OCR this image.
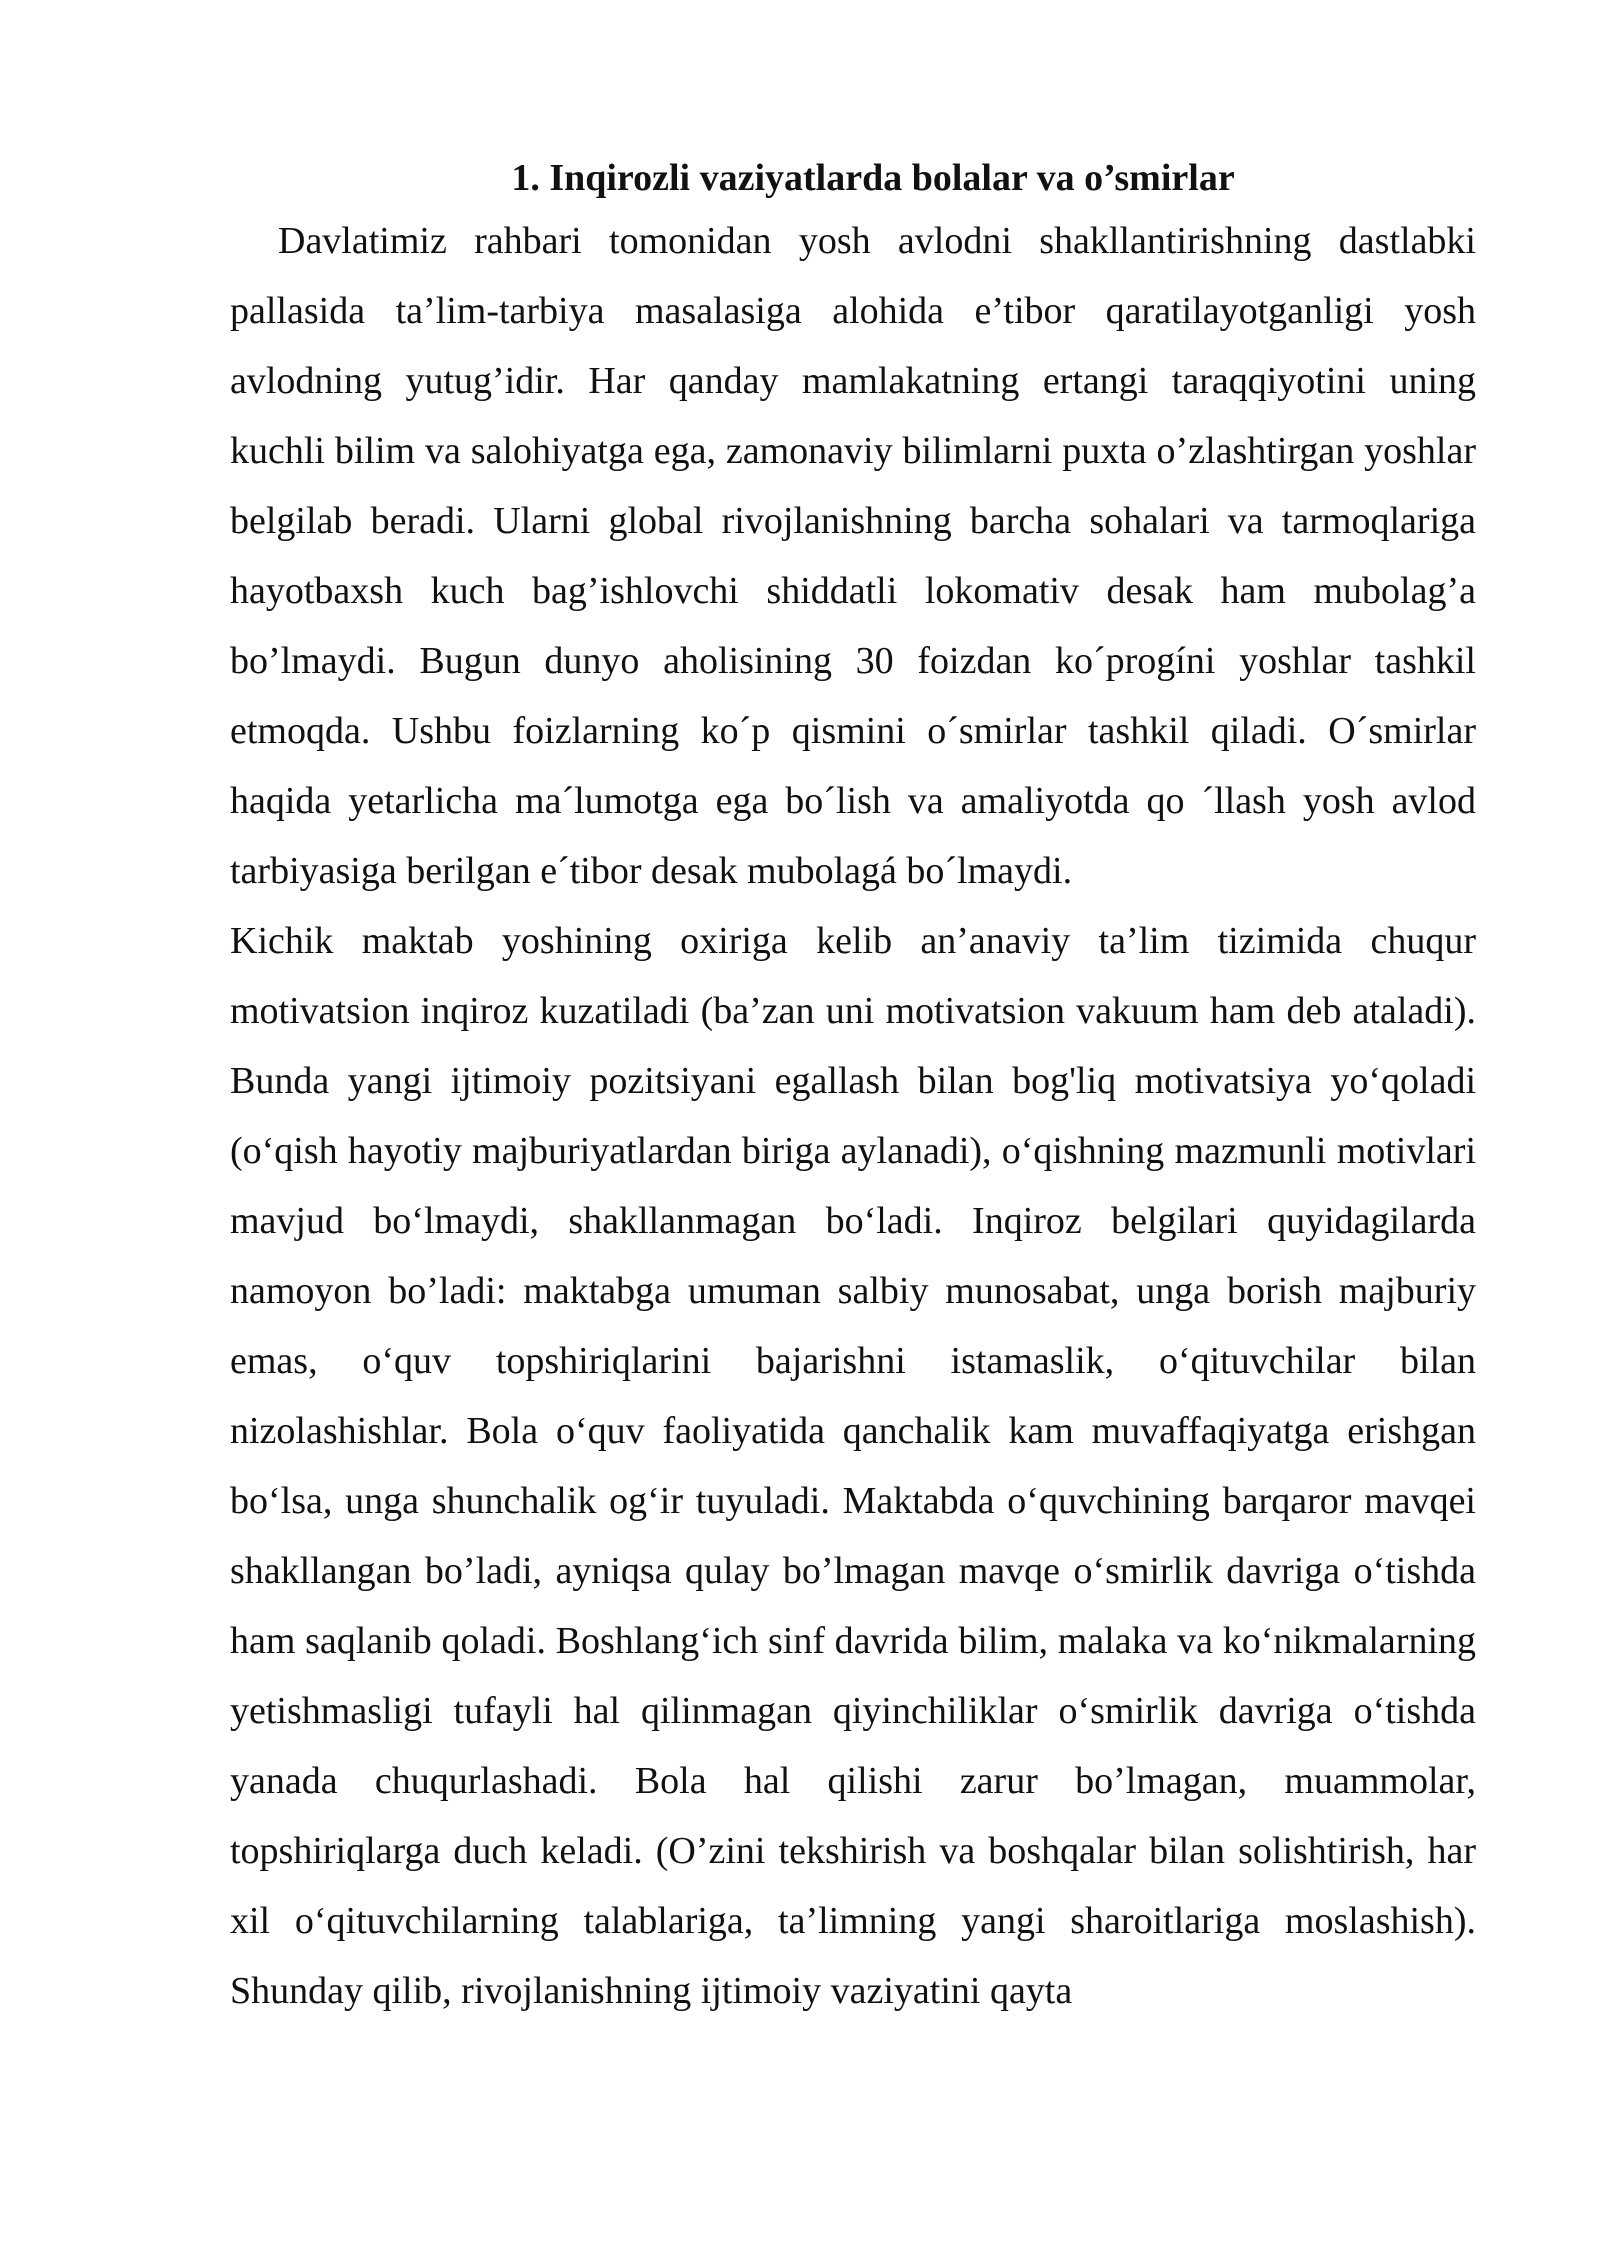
1. Inqirozli vaziyatlarda bolalar va o’smirlar

Davlatimiz rahbari tomonidan yosh avlodni shakllantirishning dastlabki pallasida ta’lim-tarbiya masalasiga alohida e’tibor qaratilayotganligi yosh avlodning yutug’idir. Har qanday mamlakatning ertangi taraqqiyotini uning kuchli bilim va salohiyatga ega, zamonaviy bilimlarni puxta o’zlashtirgan yoshlar belgilab beradi. Ularni global rivojlanishning barcha sohalari va tarmoqlariga hayotbaxsh kuch bag’ishlovchi shiddatli lokomativ desak ham mubolag’a bo’lmaydi. Bugun dunyo aholisining 30 foizdan ko´progíni yoshlar tashkil etmoqda. Ushbu foizlarning ko´p qismini o´smirlar tashkil qiladi. O´smirlar haqida yetarlicha ma´lumotga ega bo´lish va amaliyotda qo ´llash yosh avlod tarbiyasiga berilgan e´tibor desak mubolagá bo´lmaydi.

Kichik maktab yoshining oxiriga kelib an’anaviy ta’lim tizimida chuqur motivatsion inqiroz kuzatiladi (ba’zan uni motivatsion vakuum ham deb ataladi). Bunda yangi ijtimoiy pozitsiyani egallash bilan bog'liq motivatsiya yo‘qoladi (o‘qish hayotiy majburiyatlardan biriga aylanadi), o‘qishning mazmunli motivlari mavjud bo‘lmaydi, shakllanmagan bo‘ladi. Inqiroz belgilari quyidagilarda namoyon bo’ladi: maktabga umuman salbiy munosabat, unga borish majburiy emas, o‘quv topshiriqlarini bajarishni istamaslik, o‘qituvchilar bilan nizolashishlar. Bola o‘quv faoliyatida qanchalik kam muvaffaqiyatga erishgan bo‘lsa, unga shunchalik og‘ir tuyuladi. Maktabda o‘quvchining barqaror mavqei shakllangan bo’ladi, ayniqsa qulay bo’lmagan mavqe o‘smirlik davriga o‘tishda ham saqlanib qoladi. Boshlang‘ich sinf davrida bilim, malaka va ko‘nikmalarning yetishmasligi tufayli hal qilinmagan qiyinchiliklar o‘smirlik davriga o‘tishda yanada chuqurlashadi. Bola hal qilishi zarur bo’lmagan, muammolar, topshiriqlarga duch keladi. (O’zini tekshirish va boshqalar bilan solishtirish, har xil o‘qituvchilarning talablariga, ta’limning yangi sharoitlariga moslashish). Shunday qilib, rivojlanishning ijtimoiy vaziyatini qayta
